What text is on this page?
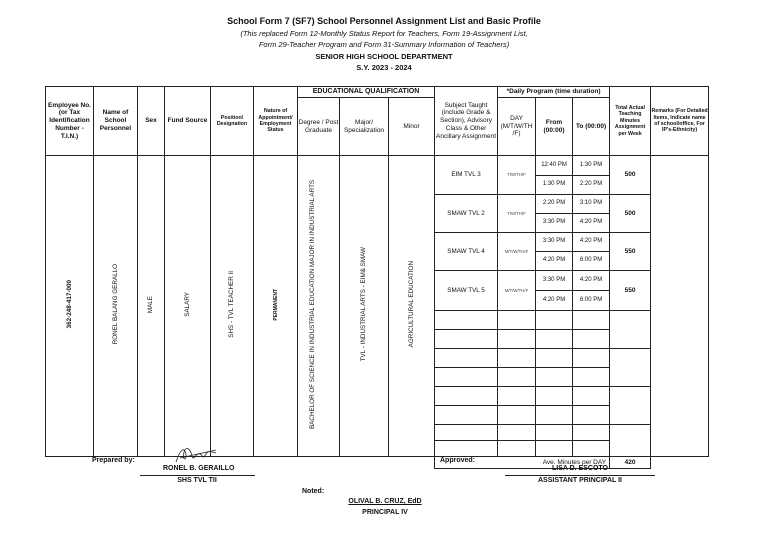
School Form 7 (SF7) School Personnel Assignment List and Basic Profile
(This replaced Form 12-Monthly Status Report for Teachers, Form 19-Assignment List,
Form 29-Teacher Program and Form 31-Summary Information of Teachers)
SENIOR HIGH SCHOOL DEPARTMENT
S.Y. 2023 - 2024
Employee No. (or Tax Identification Number - T.I.N.)	Name of School Personnel	Sex	Fund Source	Position/ Designation	Nature of Appointment/ Employment Status	EDUCATIONAL QUALIFICATION			Subject Taught (include Grade & Section), Advisory Class & Other Ancillary Assignment	*Daily Program (time duration)			Total Actual Teaching Minutes Assignment per Week	Remarks (For Detailed Items, Indicate name of school/office, For IP's-Ethnicity)
						Degree / Post Graduate	Major/ Specialization	Minor		DAY (M/T/W/TH /F)	From (00:00)	To (00:00)		
362-248-417-000	RONEL BALANG GERALLO	MALE	SALARY	SHS - TVL TEACHER II	PERMANENT	BACHELOR OF SCIENCE IN INDUSTRIAL EDUCATION MAJOR IN INDUSTRIAL ARTS	TVL - INDUSTRIAL ARTS - EIM& SMAW	AGRICULTURAL EDUCATION	EIM TVL 3	T/W/TH/F	12:40 PM	1:30 PM	500	
											1:30 PM	2:20 PM		
									SMAW TVL 2	T/W/TH/F	2:20 PM	3:10 PM	500	
											3:30 PM	4:20 PM		
									SMAW TVL 4	M/T/W/TH/F	3:30 PM	4:20 PM	550	
											4:20 PM	6:00 PM		
									SMAW TVL 5	M/T/W/TH/F	3:30 PM	4:20 PM	550	
											4:20 PM	6:00 PM		

									Ave. Minutes per DAY				420	
Prepared by:
RONEL B. GERAILLO
SHS TVL TII
Approved:
LISA D. ESCOTO
ASSISTANT PRINCIPAL II
Noted:
OLIVAL B. CRUZ, EdD
PRINCIPAL IV
